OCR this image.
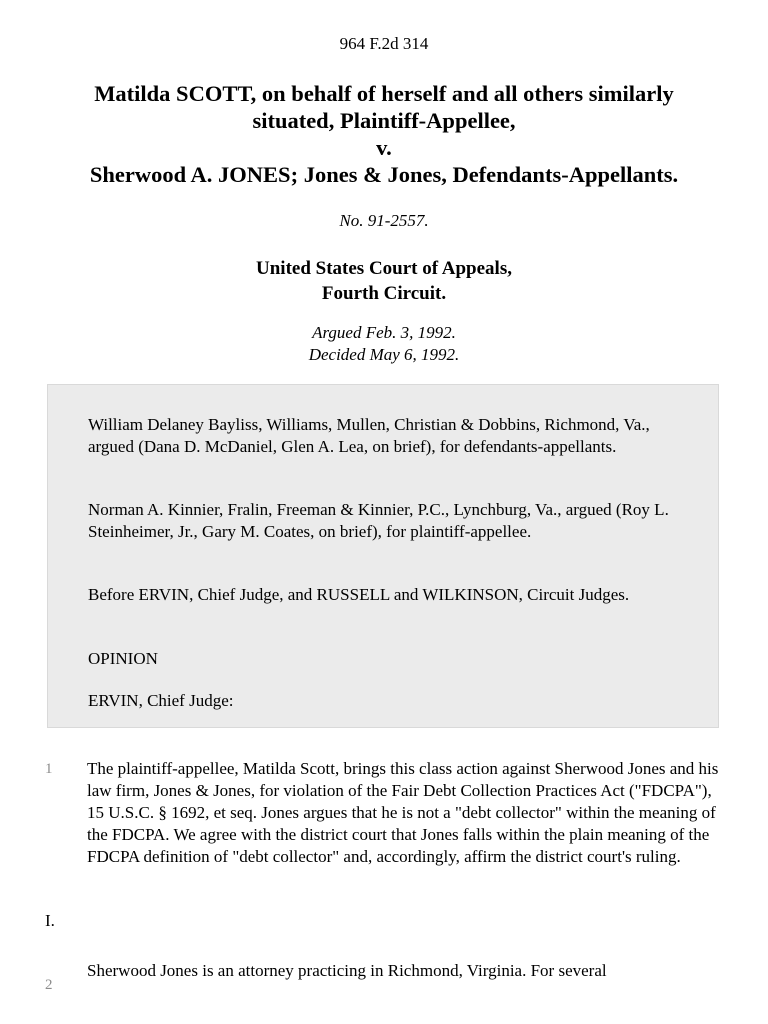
964 F.2d 314
Matilda SCOTT, on behalf of herself and all others similarly
situated, Plaintiff-Appellee,
v.
Sherwood A. JONES; Jones & Jones, Defendants-Appellants.
No. 91-2557.
United States Court of Appeals,
Fourth Circuit.
Argued Feb. 3, 1992.
Decided May 6, 1992.

William Delaney Bayliss, Williams, Mullen, Christian & Dobbins, Richmond, Va., argued (Dana D. McDaniel, Glen A. Lea, on brief), for defendants-appellants.

Norman A. Kinnier, Fralin, Freeman & Kinnier, P.C., Lynchburg, Va., argued (Roy L. Steinheimer, Jr., Gary M. Coates, on brief), for plaintiff-appellee.

Before ERVIN, Chief Judge, and RUSSELL and WILKINSON, Circuit Judges.

OPINION

ERVIN, Chief Judge:

1 The plaintiff-appellee, Matilda Scott, brings this class action against Sherwood Jones and his law firm, Jones & Jones, for violation of the Fair Debt Collection Practices Act ("FDCPA"), 15 U.S.C. § 1692, et seq. Jones argues that he is not a "debt collector" within the meaning of the FDCPA. We agree with the district court that Jones falls within the plain meaning of the FDCPA definition of "debt collector" and, accordingly, affirm the district court's ruling.
I.
2
Sherwood Jones is an attorney practicing in Richmond, Virginia. For several
